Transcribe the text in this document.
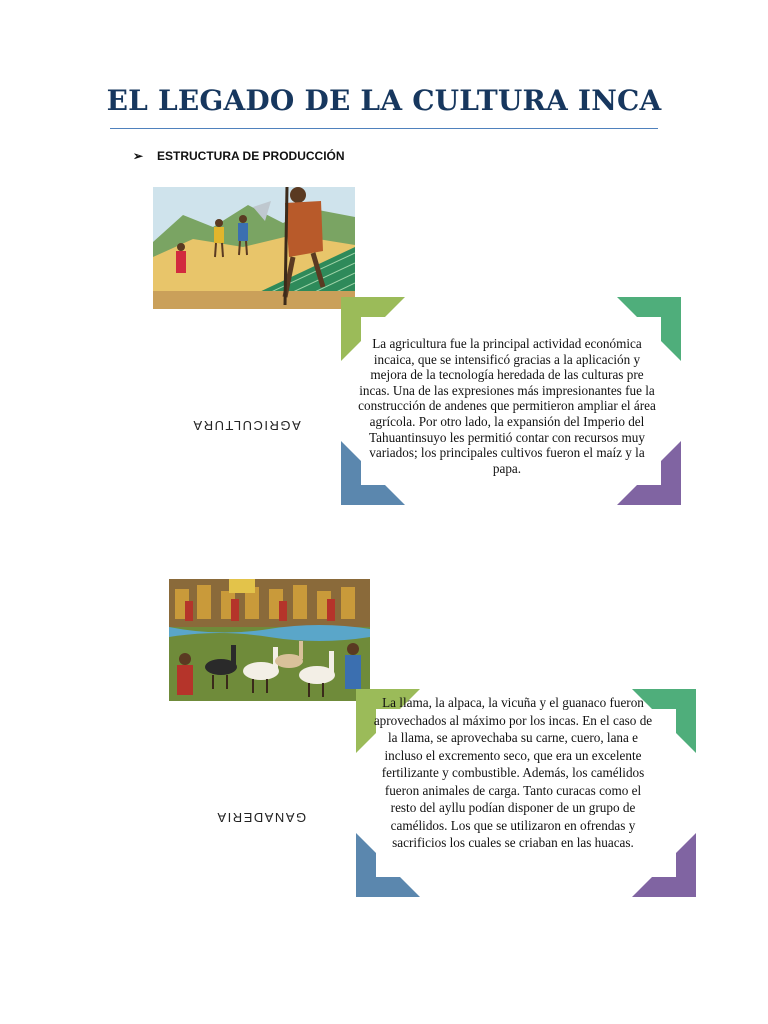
EL LEGADO DE LA CULTURA INCA
➢ ESTRUCTURA DE PRODUCCIÓN
AGRICULTURA
La agricultura fue la principal actividad económica incaica, que se intensificó gracias a la aplicación y mejora de la tecnología heredada de las culturas pre incas. Una de las expresiones más impresionantes fue la construcción de andenes que permitieron ampliar el área agrícola. Por otro lado, la expansión del Imperio del Tahuantinsuyo les permitió contar con recursos muy variados; los principales cultivos fueron el maíz y la papa.
GANADERIA
La llama, la alpaca, la vicuña y el guanaco fueron aprovechados al máximo por los incas. En el caso de la llama, se aprovechaba su carne, cuero, lana e incluso el excremento seco, que era un excelente fertilizante y combustible. Además, los camélidos fueron animales de carga. Tanto curacas como el resto del ayllu podían disponer de un grupo de camélidos. Los que se utilizaron en ofrendas y sacrificios los cuales se criaban en las huacas.
